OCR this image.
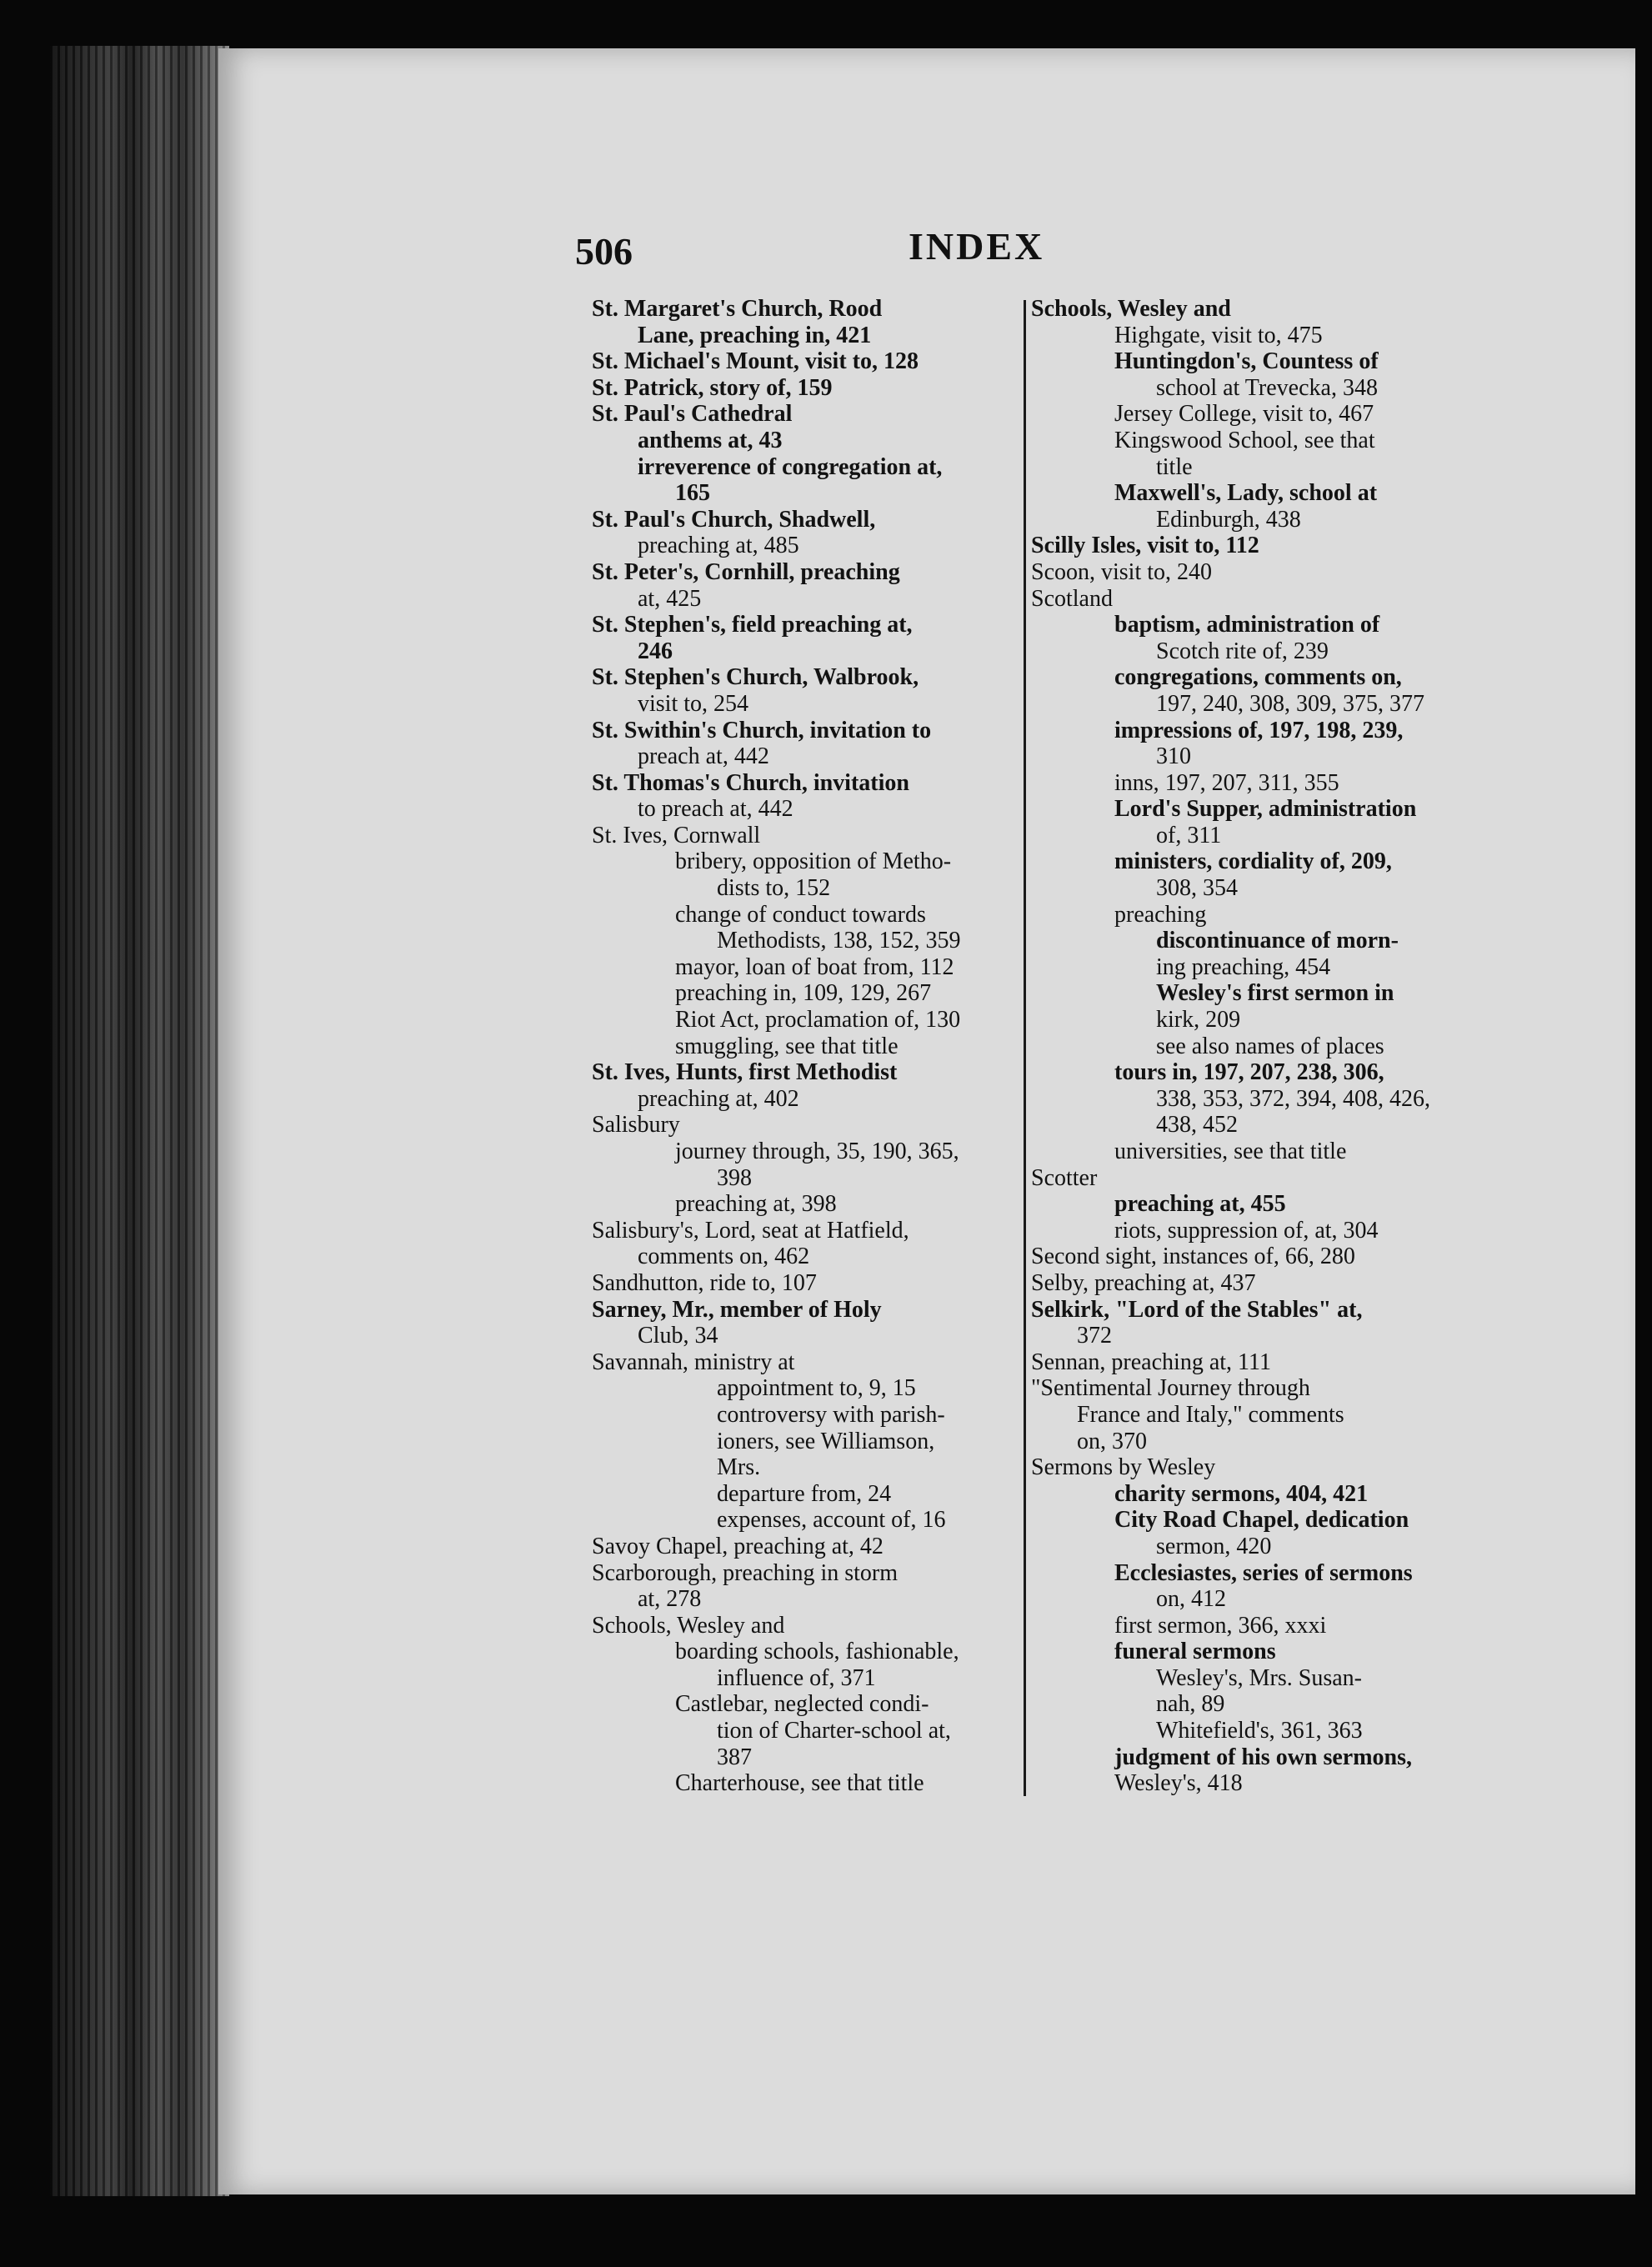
506	INDEX

St. Margaret's Church, Rood

Lane, preaching in, 421

St. Michael's Mount, visit to, 128

St. Patrick, story of, 159

St. Paul's Cathedral

anthems at, 43

irreverence of congregation at,

165

St. Paul's Church, Shadwell,

preaching at, 485

St. Peter's, Cornhill, preaching

at, 425

St. Stephen's, field preaching at,

246

St. Stephen's Church, Walbrook,

visit to, 254

St. Swithin's Church, invitation to

preach at, 442

St. Thomas's Church, invitation

to preach at, 442

St. Ives, Cornwall

bribery, opposition of Metho-

dists to, 152

change of conduct towards

Methodists, 138, 152, 359

mayor, loan of boat from, 112

preaching in, 109, 129, 267

Riot Act, proclamation of, 130

smuggling, see that title

St. Ives, Hunts, first Methodist

preaching at, 402

Salisbury

journey through, 35, 190, 365,

398

preaching at, 398

Salisbury's, Lord, seat at Hatfield,

comments on, 462

Sandhutton, ride to, 107

Sarney, Mr., member of Holy

Club, 34

Savannah, ministry at

appointment to, 9, 15

controversy with parish-

ioners, see Williamson,

Mrs.

departure from, 24

expenses, account of, 16

Savoy Chapel, preaching at, 42

Scarborough, preaching in storm

at, 278

Schools, Wesley and

boarding schools, fashionable,

influence of, 371

Castlebar, neglected condi-

tion of Charter-school at,

387

Charterhouse, see that title

Schools, Wesley and

Highgate, visit to, 475

Huntingdon's, Countess of

school at Trevecka, 348

Jersey College, visit to, 467

Kingswood School, see that

title

Maxwell's, Lady, school at

Edinburgh, 438

Scilly Isles, visit to, 112

Scoon, visit to, 240

Scotland

baptism, administration of

Scotch rite of, 239

congregations, comments on,

197, 240, 308, 309, 375, 377

impressions of, 197, 198, 239,

310

inns, 197, 207, 311, 355

Lord's Supper, administration

of, 311

ministers, cordiality of, 209,

308, 354

preaching

discontinuance of morn-

ing preaching, 454

Wesley's first sermon in

kirk, 209

see also names of places

tours in, 197, 207, 238, 306,

338, 353, 372, 394, 408, 426,

438, 452

universities, see that title

Scotter

preaching at, 455

riots, suppression of, at, 304

Second sight, instances of, 66, 280

Selby, preaching at, 437

Selkirk, "Lord of the Stables" at,

372

Sennan, preaching at, 111

"Sentimental Journey through

France and Italy," comments

on, 370

Sermons by Wesley

charity sermons, 404, 421

City Road Chapel, dedication

sermon, 420

Ecclesiastes, series of sermons

on, 412

first sermon, 366, xxxi

funeral sermons

Wesley's, Mrs. Susan-

nah, 89

Whitefield's, 361, 363

judgment of his own sermons,

Wesley's, 418
